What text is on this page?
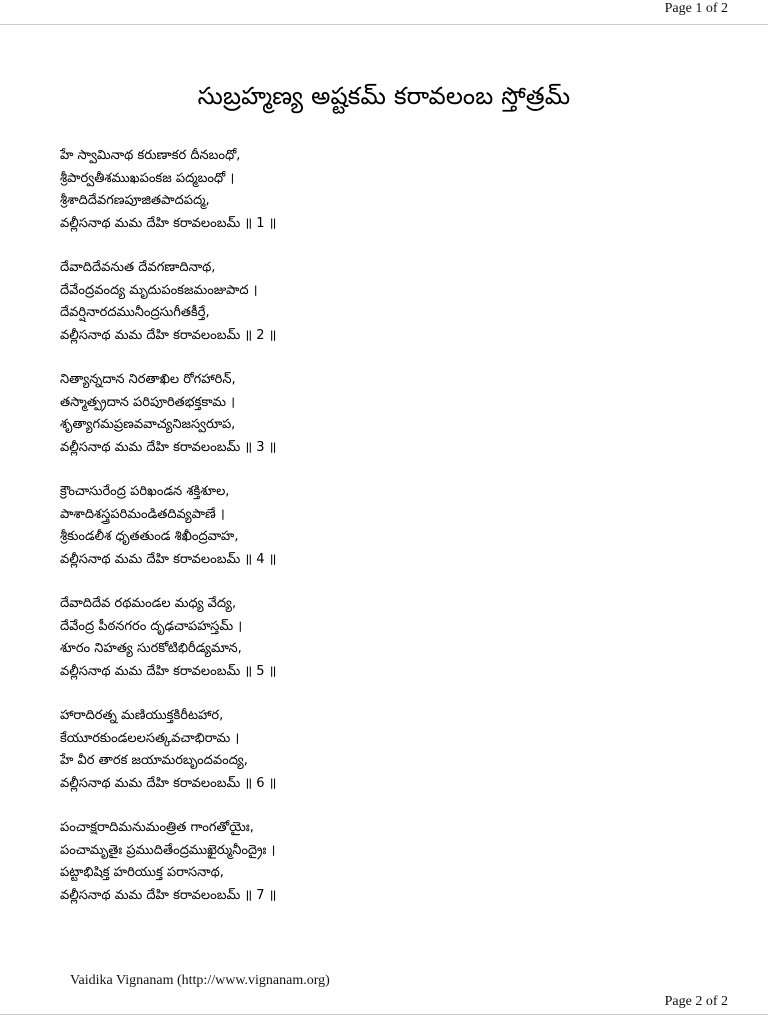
Page 1 of 2
సుబ్రహ్మణ్య అష్టకమ్ కరావలంబ స్తోత్రమ్
హే స్వామినాథ కరుణాకర దీనబంధో,
శ్రీపార్వతీశముఖపంకజ పద్మబంధో ।
శ్రీశాదిదేవగణపూజితపాదపద్మ,
వల్లీసనాథ మమ దేహి కరావలంబమ్ ॥ 1 ॥
దేవాదిదేవనుత దేవగణాదినాథ,
దేవేంద్రవంద్య మృదుపంకజమంజుపాద ।
దేవర్షినారదమునీంద్రసుగీతకీర్తే,
వల్లీసనాథ మమ దేహి కరావలంబమ్ ॥ 2 ॥
నిత్యాన్నదాన నిరతాఖిల రోగహారిన్,
తస్మాత్ప్రదాన పరిపూరితభక్తకామ ।
శృత్యాగమప్రణవవాచ్యనిజస్వరూప,
వల్లీసనాథ మమ దేహి కరావలంబమ్ ॥ 3 ॥
క్రౌంచాసురేంద్ర పరిఖండన శక్తిశూల,
పాశాదిశస్త్రపరిమండితదివ్యపాణే ।
శ్రీకుండలీశ ధృతతుండ శిఖీంద్రవాహ,
వల్లీసనాథ మమ దేహి కరావలంబమ్ ॥ 4 ॥
దేవాదిదేవ రథమండల మధ్య వేద్య,
దేవేంద్ర పీఠనగరం దృఢచాపహస్తమ్ ।
శూరం నిహత్య సురకోటిభిరీడ్యమాన,
వల్లీసనాథ మమ దేహి కరావలంబమ్ ॥ 5 ॥
హారాదిరత్న మణియుక్తకిరీటహార,
కేయూరకుండలలసత్కవచాభిరామ ।
హే వీర తారక జయామరబృందవంద్య,
వల్లీసనాథ మమ దేహి కరావలంబమ్ ॥ 6 ॥
పంచాక్షరాదిమనుమంత్రిత గాంగతోయైః,
పంచామృతైః ప్రముదితేంద్రముఖైర్మునీంద్రైః ।
పట్టాభిషిక్త హరియుక్త పరాసనాథ,
వల్లీసనాథ మమ దేహి కరావలంబమ్ ॥ 7 ॥
Vaidika Vignanam (http://www.vignanam.org)
Page 2 of 2
